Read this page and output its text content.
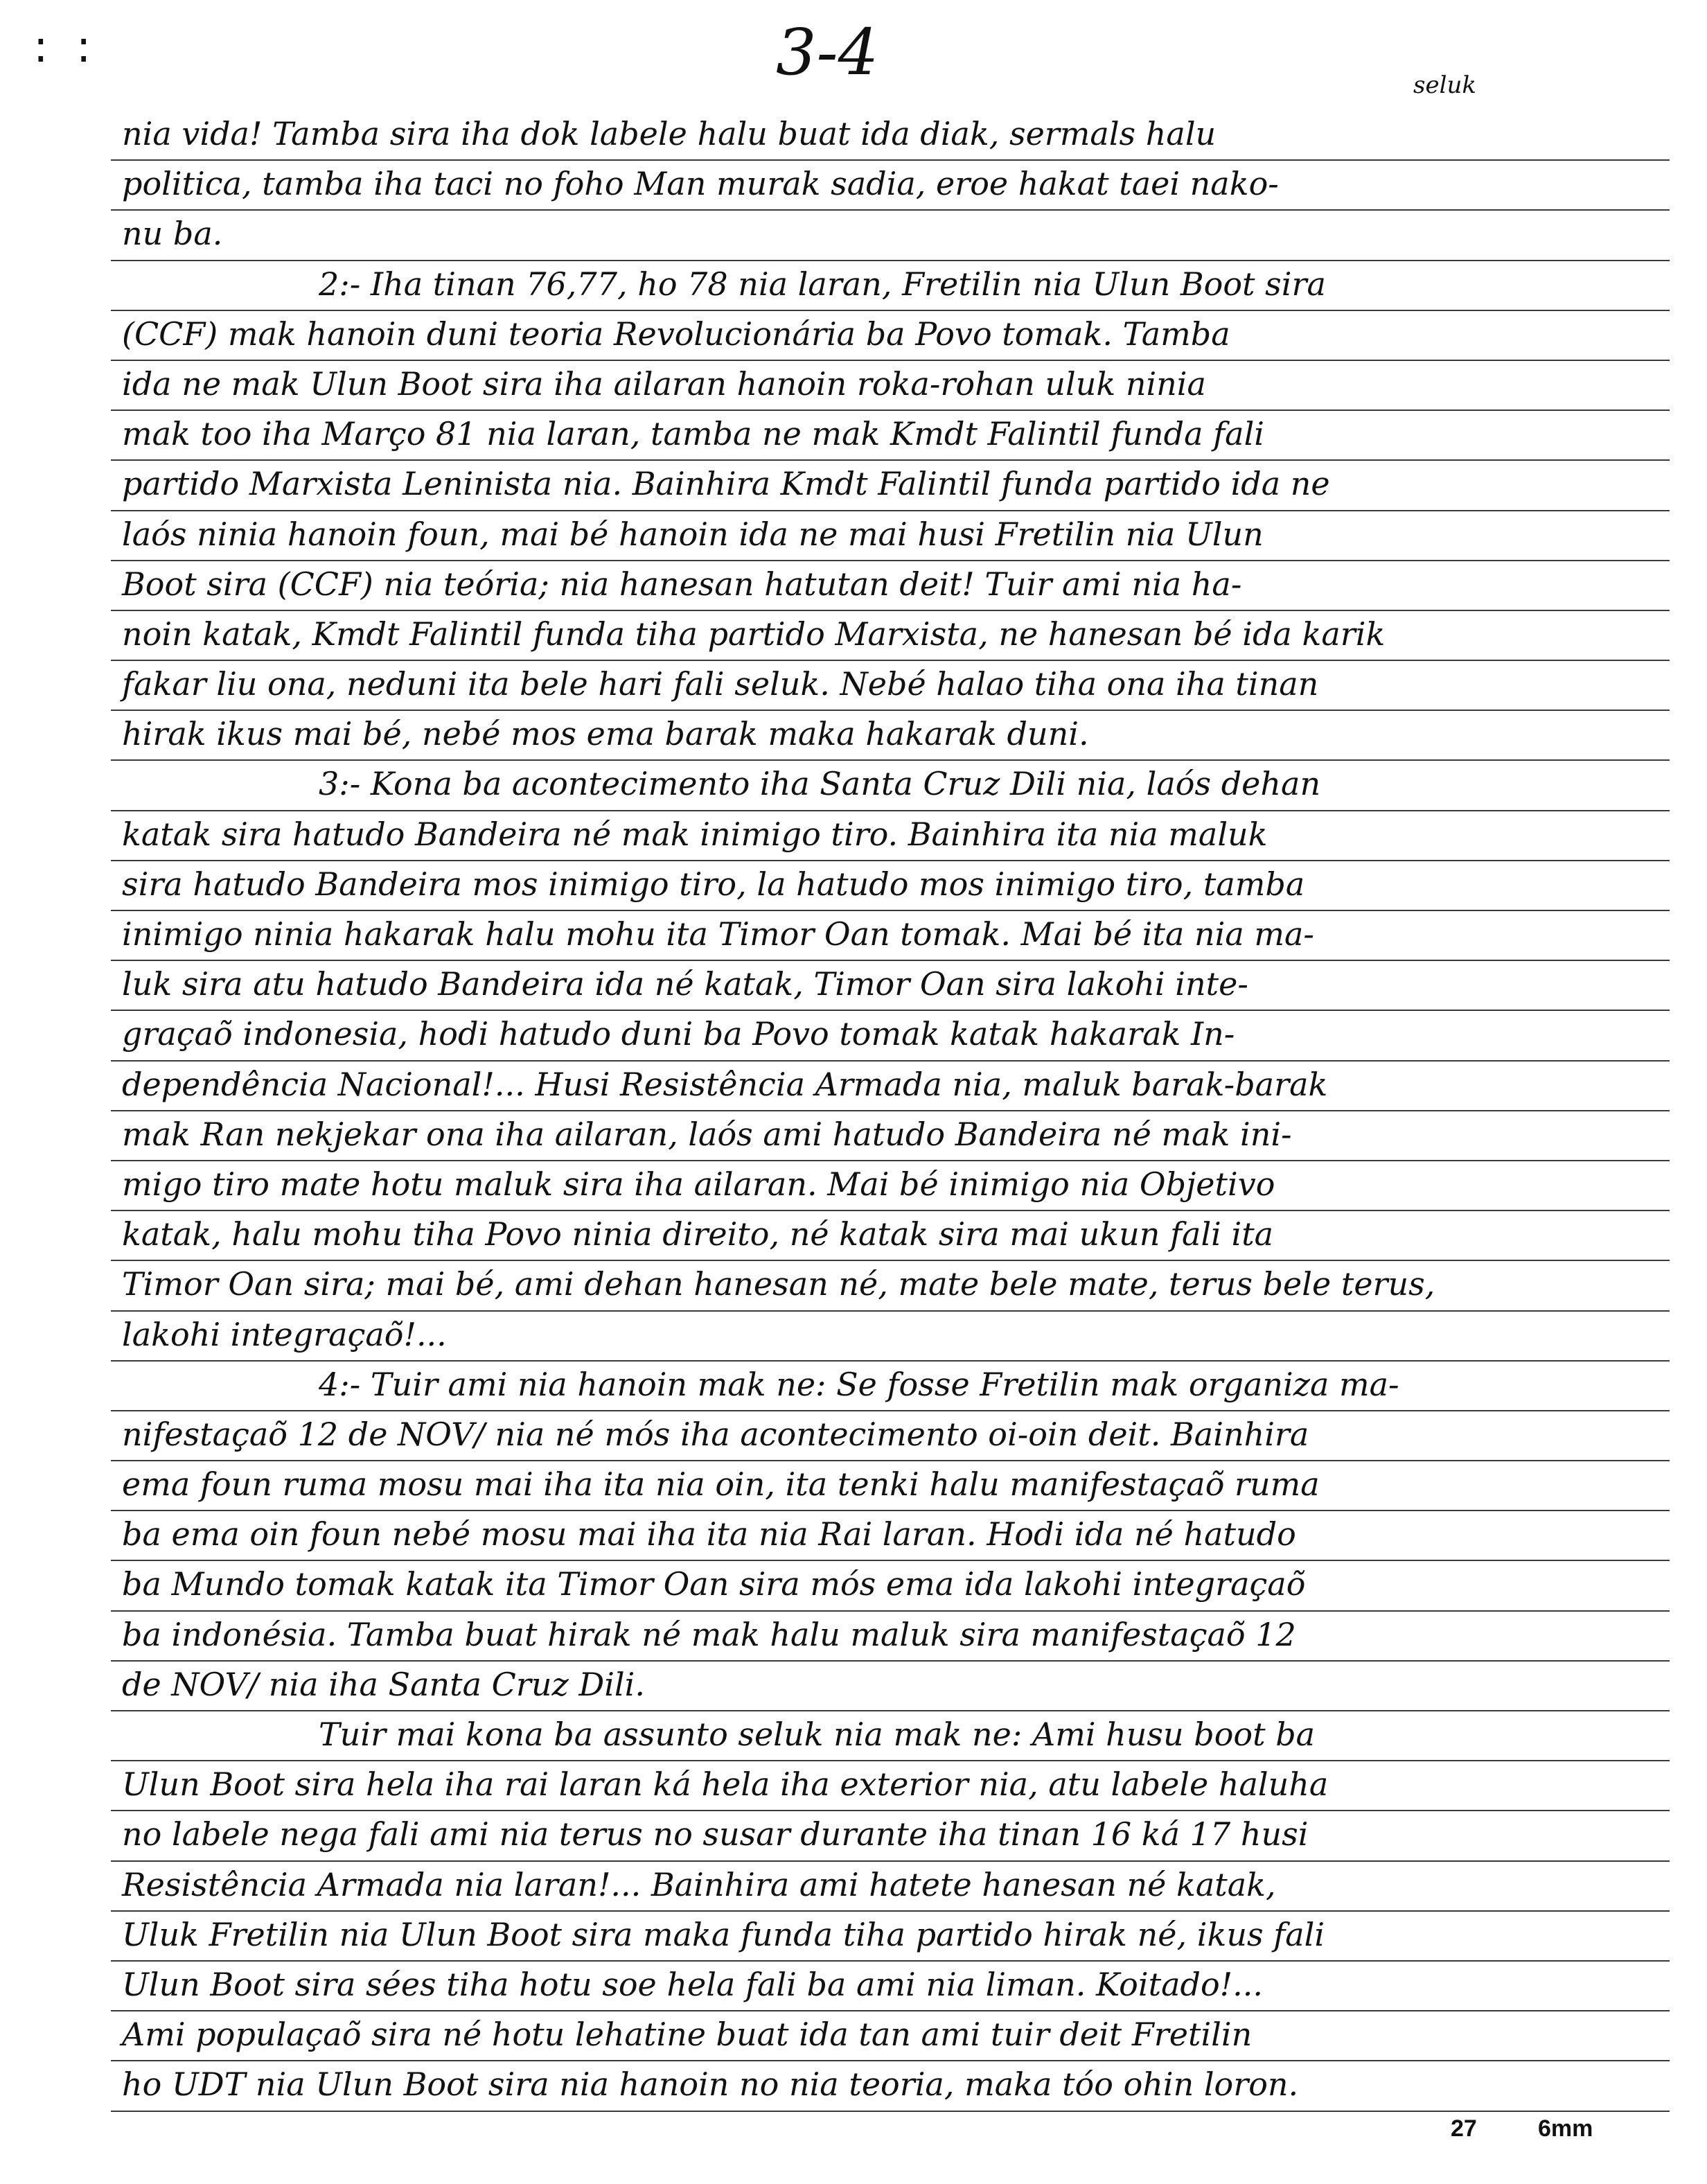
: :	3-4	seluk
nia vida! Tamba sira iha dok labele halu buat ida diak, sermals halu
politica, tamba iha taci no foho Man murak sadia, eroe hakat taei nako-
nu ba.
2:- Iha tinan 76,77, ho 78 nia laran, Fretilin nia Ulun Boot sira
(CCF) mak hanoin duni teoria Revolucionária ba Povo tomak. Tamba
ida ne mak Ulun Boot sira iha ailaran hanoin roka-rohan uluk ninia
mak too iha Março 81 nia laran, tamba ne mak Kmdt Falintil funda fali
partido Marxista Leninista nia. Bainhira Kmdt Falintil funda partido ida ne
laós ninia hanoin foun, mai bé hanoin ida ne mai husi Fretilin nia Ulun
Boot sira (CCF) nia teória; nia hanesan hatutan deit! Tuir ami nia ha-
noin katak, Kmdt Falintil funda tiha partido Marxista, ne hanesan bé ida karik
fakar liu ona, neduni ita bele hari fali seluk. Nebé halao tiha ona iha tinan
hirak ikus mai bé, nebé mos ema barak maka hakarak duni.
3:- Kona ba acontecimento iha Santa Cruz Dili nia, laós dehan
katak sira hatudo Bandeira né mak inimigo tiro. Bainhira ita nia maluk
sira hatudo Bandeira mos inimigo tiro, la hatudo mos inimigo tiro, tamba
inimigo ninia hakarak halu mohu ita Timor Oan tomak. Mai bé ita nia ma-
luk sira atu hatudo Bandeira ida né katak, Timor Oan sira lakohi inte-
graçaõ indonesia, hodi hatudo duni ba Povo tomak katak hakarak In-
dependência Nacional!... Husi Resistência Armada nia, maluk barak-barak
mak Ran nekjekar ona iha ailaran, laós ami hatudo Bandeira né mak ini-
migo tiro mate hotu maluk sira iha ailaran. Mai bé inimigo nia Objetivo
katak, halu mohu tiha Povo ninia direito, né katak sira mai ukun fali ita
Timor Oan sira; mai bé, ami dehan hanesan né, mate bele mate, terus bele terus,
lakohi integraçaõ!...
4:- Tuir ami nia hanoin mak ne: Se fosse Fretilin mak organiza ma-
nifestaçaõ 12 de NOV/ nia né mós iha acontecimento oi-oin deit. Bainhira
ema foun ruma mosu mai iha ita nia oin, ita tenki halu manifestaçaõ ruma
ba ema oin foun nebé mosu mai iha ita nia Rai laran. Hodi ida né hatudo
ba Mundo tomak katak ita Timor Oan sira mós ema ida lakohi integraçaõ
ba indonésia. Tamba buat hirak né mak halu maluk sira manifestaçaõ 12
de NOV/ nia iha Santa Cruz Dili.
Tuir mai kona ba assunto seluk nia mak ne: Ami husu boot ba
Ulun Boot sira hela iha rai laran ká hela iha exterior nia, atu labele haluha
no labele nega fali ami nia terus no susar durante iha tinan 16 ká 17 husi
Resistência Armada nia laran!... Bainhira ami hatete hanesan né katak,
Uluk Fretilin nia Ulun Boot sira maka funda tiha partido hirak né, ikus fali
Ulun Boot sira sées tiha hotu soe hela fali ba ami nia liman. Koitado!...
Ami populaçaõ sira né hotu lehatine buat ida tan ami tuir deit Fretilin
ho UDT nia Ulun Boot sira nia hanoin no nia teoria, maka tóo ohin loron.
27	6mm
